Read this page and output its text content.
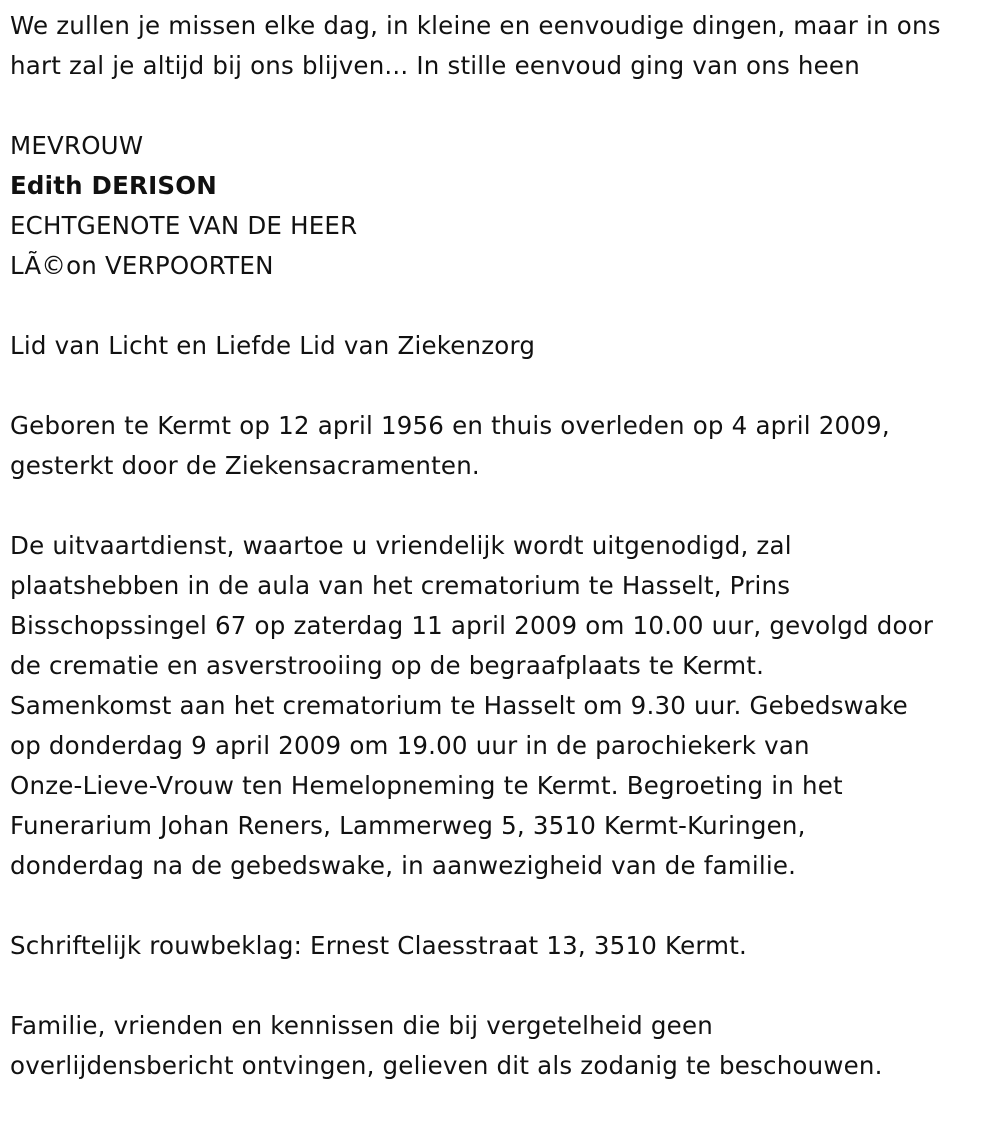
We zullen je missen elke dag, in kleine en eenvoudige dingen, maar in ons
hart zal je altijd bij ons blijven... In stille eenvoud ging van ons heen

MEVROUW
Edith DERISON
ECHTGENOTE VAN DE HEER
LÃ©on VERPOORTEN

Lid van Licht en Liefde Lid van Ziekenzorg

Geboren te Kermt op 12 april 1956 en thuis overleden op 4 april 2009,
gesterkt door de Ziekensacramenten.

De uitvaartdienst, waartoe u vriendelijk wordt uitgenodigd, zal
plaatshebben in de aula van het crematorium te Hasselt, Prins
Bisschopssingel 67 op zaterdag 11 april 2009 om 10.00 uur, gevolgd door
de crematie en asverstrooiing op de begraafplaats te Kermt.
Samenkomst aan het crematorium te Hasselt om 9.30 uur. Gebedswake
op donderdag 9 april 2009 om 19.00 uur in de parochiekerk van
Onze-Lieve-Vrouw ten Hemelopneming te Kermt. Begroeting in het
Funerarium Johan Reners, Lammerweg 5, 3510 Kermt-Kuringen,
donderdag na de gebedswake, in aanwezigheid van de familie.

Schriftelijk rouwbeklag: Ernest Claesstraat 13, 3510 Kermt.

Familie, vrienden en kennissen die bij vergetelheid geen
overlijdensbericht ontvingen, gelieven dit als zodanig te beschouwen.
